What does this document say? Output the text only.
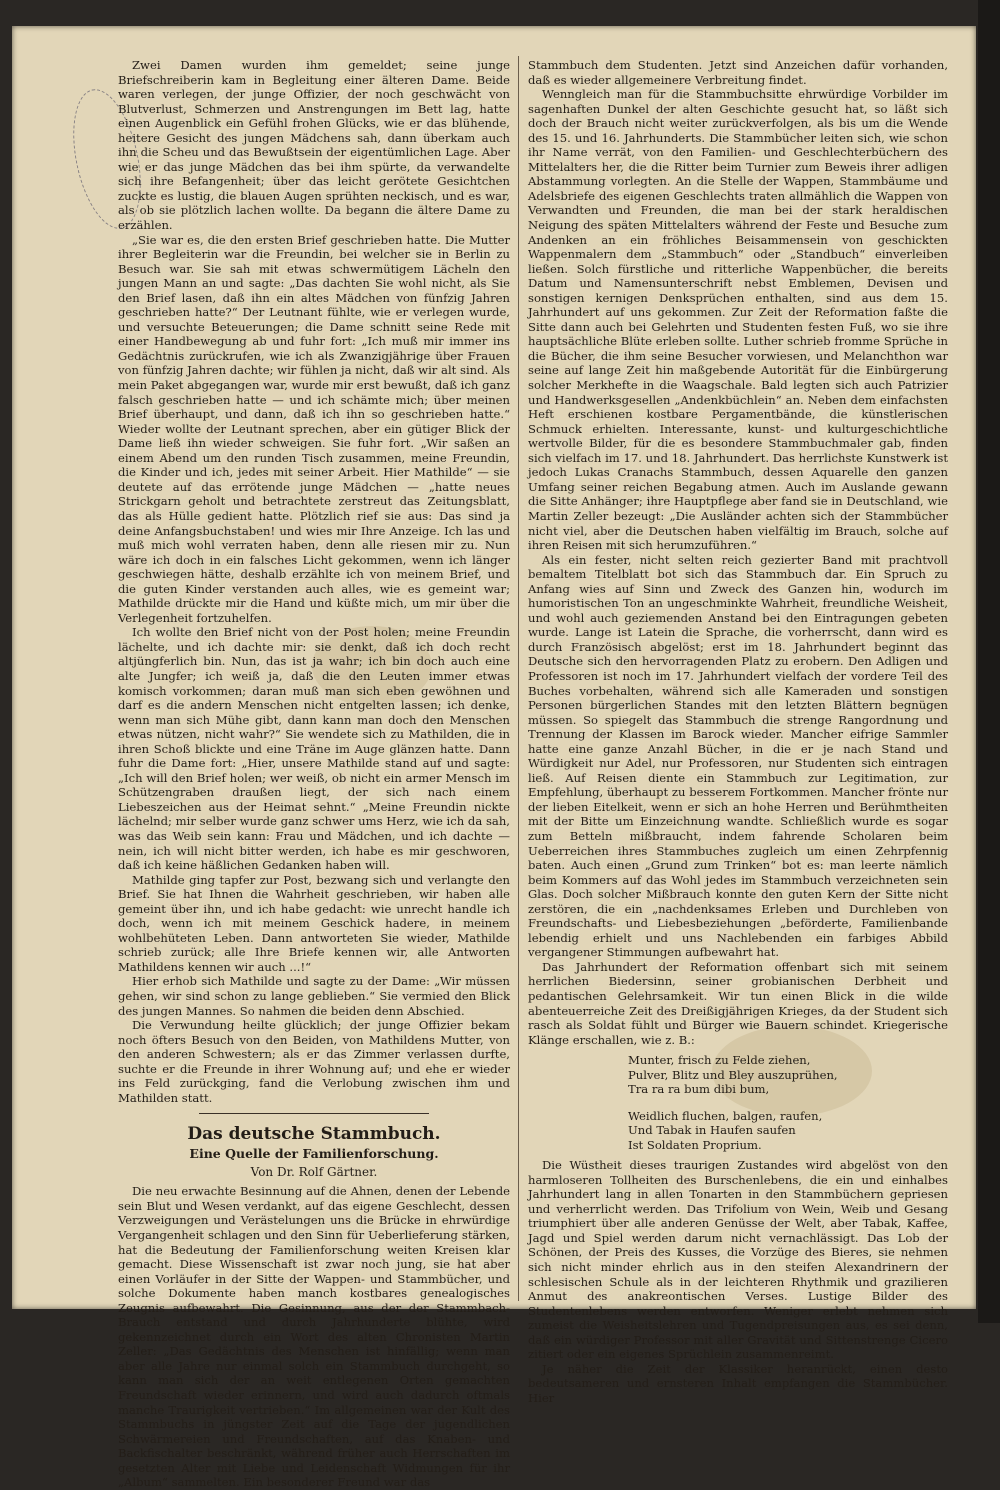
Zwei Damen wurden ihm gemeldet; seine junge Briefschreiberin kam in Begleitung einer älteren Dame. Beide waren verlegen, der junge Offizier, der noch geschwächt von Blutverlust, Schmerzen und Anstrengungen im Bett lag, hatte einen Augenblick ein Gefühl frohen Glücks, wie er das blühende, heitere Gesicht des jungen Mädchens sah, dann überkam auch ihn die Scheu und das Bewußtsein der eigentümlichen Lage. Aber wie er das junge Mädchen das bei ihm spürte, da verwandelte sich ihre Befangenheit; über das leicht gerötete Gesichtchen zuckte es lustig, die blauen Augen sprühten neckisch, und es war, als ob sie plötzlich lachen wollte. Da begann die ältere Dame zu erzählen.

„Sie war es, die den ersten Brief geschrieben hatte. Die Mutter ihrer Begleiterin war die Freundin, bei welcher sie in Berlin zu Besuch war. Sie sah mit etwas schwermütigem Lächeln den jungen Mann an und sagte: „Das dachten Sie wohl nicht, als Sie den Brief lasen, daß ihn ein altes Mädchen von fünfzig Jahren geschrieben hatte?“ Der Leutnant fühlte, wie er verlegen wurde, und versuchte Beteuerungen; die Dame schnitt seine Rede mit einer Handbewegung ab und fuhr fort: „Ich muß mir immer ins Gedächtnis zurückrufen, wie ich als Zwanzigjährige über Frauen von fünfzig Jahren dachte; wir fühlen ja nicht, daß wir alt sind. Als mein Paket abgegangen war, wurde mir erst bewußt, daß ich ganz falsch geschrieben hatte — und ich schämte mich; über meinen Brief überhaupt, und dann, daß ich ihn so geschrieben hatte.“ Wieder wollte der Leutnant sprechen, aber ein gütiger Blick der Dame ließ ihn wieder schweigen. Sie fuhr fort. „Wir saßen an einem Abend um den runden Tisch zusammen, meine Freundin, die Kinder und ich, jedes mit seiner Arbeit. Hier Mathilde“ — sie deutete auf das errötende junge Mädchen — „hatte neues Strickgarn geholt und betrachtete zerstreut das Zeitungsblatt, das als Hülle gedient hatte. Plötzlich rief sie aus: Das sind ja deine Anfangsbuchstaben! und wies mir Ihre Anzeige. Ich las und muß mich wohl verraten haben, denn alle riesen mir zu. Nun wäre ich doch in ein falsches Licht gekommen, wenn ich länger geschwiegen hätte, deshalb erzählte ich von meinem Brief, und die guten Kinder verstanden auch alles, wie es gemeint war; Mathilde drückte mir die Hand und küßte mich, um mir über die Verlegenheit fortzuhelfen.

Ich wollte den Brief nicht von der Post holen; meine Freundin lächelte, und ich dachte mir: sie denkt, daß ich doch recht altjüngferlich bin. Nun, das ist ja wahr; ich bin doch auch eine alte Jungfer; ich weiß ja, daß die den Leuten immer etwas komisch vorkommen; daran muß man sich eben gewöhnen und darf es die andern Menschen nicht entgelten lassen; ich denke, wenn man sich Mühe gibt, dann kann man doch den Menschen etwas nützen, nicht wahr?“ Sie wendete sich zu Mathilden, die in ihren Schoß blickte und eine Träne im Auge glänzen hatte. Dann fuhr die Dame fort: „Hier, unsere Mathilde stand auf und sagte: „Ich will den Brief holen; wer weiß, ob nicht ein armer Mensch im Schützengraben draußen liegt, der sich nach einem Liebeszeichen aus der Heimat sehnt.“ „Meine Freundin nickte lächelnd; mir selber wurde ganz schwer ums Herz, wie ich da sah, was das Weib sein kann: Frau und Mädchen, und ich dachte — nein, ich will nicht bitter werden, ich habe es mir geschworen, daß ich keine häßlichen Gedanken haben will.

Mathilde ging tapfer zur Post, bezwang sich und verlangte den Brief. Sie hat Ihnen die Wahrheit geschrieben, wir haben alle gemeint über ihn, und ich habe gedacht: wie unrecht handle ich doch, wenn ich mit meinem Geschick hadere, in meinem wohlbehüteten Leben. Dann antworteten Sie wieder, Mathilde schrieb zurück; alle Ihre Briefe kennen wir, alle Antworten Mathildens kennen wir auch ...!“

Hier erhob sich Mathilde und sagte zu der Dame: „Wir müssen gehen, wir sind schon zu lange geblieben.“ Sie vermied den Blick des jungen Mannes. So nahmen die beiden denn Abschied.

Die Verwundung heilte glücklich; der junge Offizier bekam noch öfters Besuch von den Beiden, von Mathildens Mutter, von den anderen Schwestern; als er das Zimmer verlassen durfte, suchte er die Freunde in ihrer Wohnung auf; und ehe er wieder ins Feld zurückging, fand die Verlobung zwischen ihm und Mathilden statt.

Das deutsche Stammbuch.
Eine Quelle der Familienforschung.
Von Dr. Rolf Gärtner.

Die neu erwachte Besinnung auf die Ahnen, denen der Lebende sein Blut und Wesen verdankt, auf das eigene Geschlecht, dessen Verzweigungen und Verästelungen uns die Brücke in ehrwürdige Vergangenheit schlagen und den Sinn für Ueberlieferung stärken, hat die Bedeutung der Familienforschung weiten Kreisen klar gemacht. Diese Wissenschaft ist zwar noch jung, sie hat aber einen Vorläufer in der Sitte der Wappen- und Stammbücher, und solche Dokumente haben manch kostbares genealogisches Zeugnis aufbewahrt. Die Gesinnung, aus der der Stammbach-Brauch entstand und durch Jahrhunderte blühte, wird gekennzeichnet durch ein Wort des alten Chronisten Martin Zeller: „Das Gedächtnis des Menschen ist hinfällig; wenn man aber alle Jahre nur einmal solch ein Stammbuch durchgeht, so kann man sich der an weit entlegenen Orten gemachten Freundschaft wieder erinnern, und wird auch dadurch oftmals manche Traurigkeit vertrieben.“ Im allgemeinen war der Kult des Stammbuchs in jüngster Zeit auf die Tage der jugendlichen Schwärmereien und Freundschaften, auf das Knaben- und Backfischalter beschränkt, während früher auch Herrschaften im gesetzten Alter mit Liebe und Leidenschaft Widmungen für ihr „Album“ sammelten. Ein besonderer Freund war das

Stammbuch dem Studenten. Jetzt sind Anzeichen dafür vorhanden, daß es wieder allgemeinere Verbreitung findet.

Wenngleich man für die Stammbuchsitte ehrwürdige Vorbilder im sagenhaften Dunkel der alten Geschichte gesucht hat, so läßt sich doch der Brauch nicht weiter zurückverfolgen, als bis um die Wende des 15. und 16. Jahrhunderts. Die Stammbücher leiten sich, wie schon ihr Name verrät, von den Familien- und Geschlechterbüchern des Mittelalters her, die die Ritter beim Turnier zum Beweis ihrer adligen Abstammung vorlegten. An die Stelle der Wappen, Stammbäume und Adelsbriefe des eigenen Geschlechts traten allmählich die Wappen von Verwandten und Freunden, die man bei der stark heraldischen Neigung des späten Mittelalters während der Feste und Besuche zum Andenken an ein fröhliches Beisammensein von geschickten Wappenmalern dem „Stammbuch“ oder „Standbuch“ einverleiben ließen. Solch fürstliche und ritterliche Wappenbücher, die bereits Datum und Namensunterschrift nebst Emblemen, Devisen und sonstigen kernigen Denksprüchen enthalten, sind aus dem 15. Jahrhundert auf uns gekommen. Zur Zeit der Reformation faßte die Sitte dann auch bei Gelehrten und Studenten festen Fuß, wo sie ihre hauptsächliche Blüte erleben sollte. Luther schrieb fromme Sprüche in die Bücher, die ihm seine Besucher vorwiesen, und Melanchthon war seine auf lange Zeit hin maßgebende Autorität für die Einbürgerung solcher Merkhefte in die Waagschale. Bald legten sich auch Patrizier und Handwerksgesellen „Andenkbüchlein“ an. Neben dem einfachsten Heft erschienen kostbare Pergamentbände, die künstlerischen Schmuck erhielten. Interessante, kunst- und kulturgeschichtliche wertvolle Bilder, für die es besondere Stammbuchmaler gab, finden sich vielfach im 17. und 18. Jahrhundert. Das herrlichste Kunstwerk ist jedoch Lukas Cranachs Stammbuch, dessen Aquarelle den ganzen Umfang seiner reichen Begabung atmen. Auch im Auslande gewann die Sitte Anhänger; ihre Hauptpflege aber fand sie in Deutschland, wie Martin Zeller bezeugt: „Die Ausländer achten sich der Stammbücher nicht viel, aber die Deutschen haben vielfältig im Brauch, solche auf ihren Reisen mit sich herumzuführen.“

Als ein fester, nicht selten reich gezierter Band mit prachtvoll bemaltem Titelblatt bot sich das Stammbuch dar. Ein Spruch zu Anfang wies auf Sinn und Zweck des Ganzen hin, wodurch im humoristischen Ton an ungeschminkte Wahrheit, freundliche Weisheit, und wohl auch geziemenden Anstand bei den Eintragungen gebeten wurde. Lange ist Latein die Sprache, die vorherrscht, dann wird es durch Französisch abgelöst; erst im 18. Jahrhundert beginnt das Deutsche sich den hervorragenden Platz zu erobern. Den Adligen und Professoren ist noch im 17. Jahrhundert vielfach der vordere Teil des Buches vorbehalten, während sich alle Kameraden und sonstigen Personen bürgerlichen Standes mit den letzten Blättern begnügen müssen. So spiegelt das Stammbuch die strenge Rangordnung und Trennung der Klassen im Barock wieder. Mancher eifrige Sammler hatte eine ganze Anzahl Bücher, in die er je nach Stand und Würdigkeit nur Adel, nur Professoren, nur Studenten sich eintragen ließ. Auf Reisen diente ein Stammbuch zur Legitimation, zur Empfehlung, überhaupt zu besserem Fortkommen. Mancher frönte nur der lieben Eitelkeit, wenn er sich an hohe Herren und Berühmtheiten mit der Bitte um Einzeichnung wandte. Schließlich wurde es sogar zum Betteln mißbraucht, indem fahrende Scholaren beim Ueberreichen ihres Stammbuches zugleich um einen Zehrpfennig baten. Auch einen „Grund zum Trinken“ bot es: man leerte nämlich beim Kommers auf das Wohl jedes im Stammbuch verzeichneten sein Glas. Doch solcher Mißbrauch konnte den guten Kern der Sitte nicht zerstören, die ein „nachdenksames Erleben und Durchleben von Freundschafts- und Liebesbeziehungen „beförderte, Familienbande lebendig erhielt und uns Nachlebenden ein farbiges Abbild vergangener Stimmungen aufbewahrt hat.

Das Jahrhundert der Reformation offenbart sich mit seinem herrlichen Biedersinn, seiner grobianischen Derbheit und pedantischen Gelehrsamkeit. Wir tun einen Blick in die wilde abenteuerreiche Zeit des Dreißigjährigen Krieges, da der Student sich rasch als Soldat fühlt und Bürger wie Bauern schindet. Kriegerische Klänge erschallen, wie z. B.:

Munter, frisch zu Felde ziehen,
Pulver, Blitz und Bley auszuprühen,
Tra ra ra bum dibi bum,
Weidlich fluchen, balgen, raufen,
Und Tabak in Haufen saufen
Ist Soldaten Proprium.

Die Wüstheit dieses traurigen Zustandes wird abgelöst von den harmloseren Tollheiten des Burschenlebens, die ein und einhalbes Jahrhundert lang in allen Tonarten in den Stammbüchern gepriesen und verherrlicht werden. Das Trifolium von Wein, Weib und Gesang triumphiert über alle anderen Genüsse der Welt, aber Tabak, Kaffee, Jagd und Spiel werden darum nicht vernachlässigt. Das Lob der Schönen, der Preis des Kusses, die Vorzüge des Bieres, sie nehmen sich nicht minder ehrlich aus in den steifen Alexandrinern der schlesischen Schule als in der leichteren Rhythmik und grazilieren Anmut des anakreontischen Verses. Lustige Bilder des Studentenlebens werden entworfen. Weniger erlebt nehmen sich zumeist die Weisheitslehren und Tugendpreisungen aus, es sei denn, daß ein würdiger Professor mit aller Gravität und Sittenstrenge Cicero zitiert oder ein eigenes Sprüchlein zusammenreimt.

Je näher die Zeit der Klassiker heranrückt, einen desto bedeutsameren und ernsteren Inhalt empfangen die Stammbücher. Hier
